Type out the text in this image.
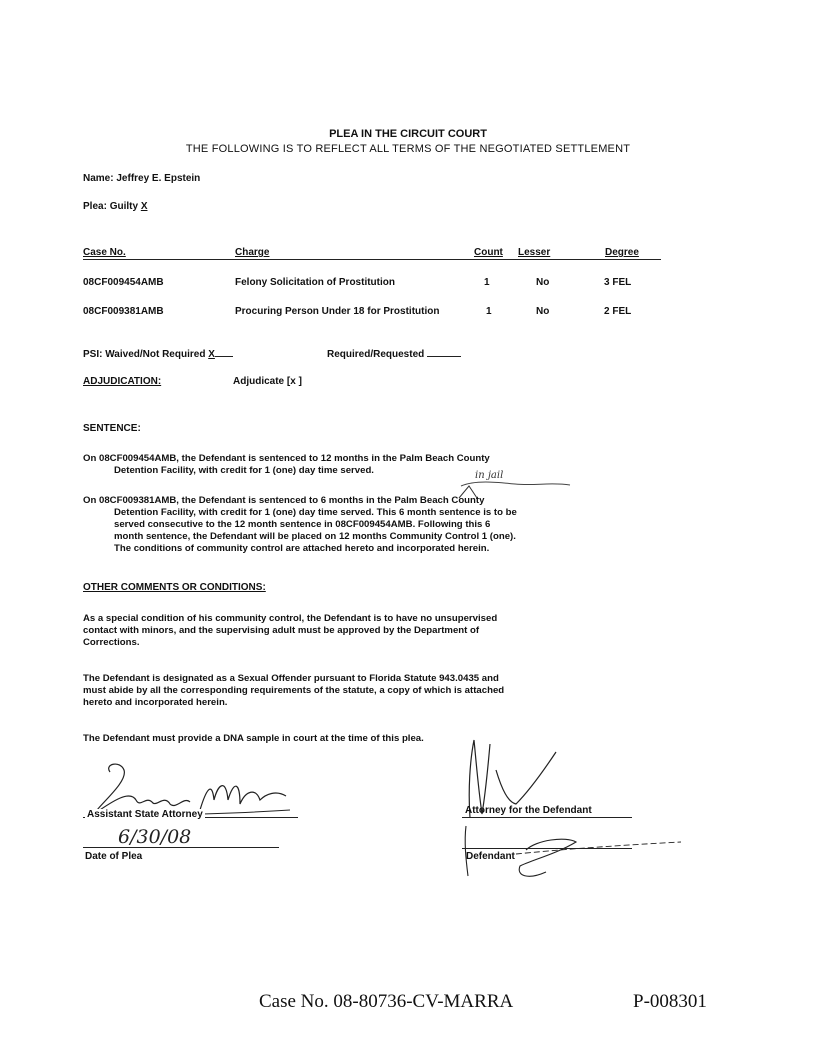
PLEA IN THE CIRCUIT COURT
THE FOLLOWING IS TO REFLECT ALL TERMS OF THE NEGOTIATED SETTLEMENT
Name: Jeffrey E. Epstein
Plea: Guilty X
Case No.	Charge	Count Lesser	Degree
08CF009454AMB	Felony Solicitation of Prostitution	1	No	3 FEL
08CF009381AMB	Procuring Person Under 18 for Prostitution	1	No	2 FEL
PSI: Waived/Not Required X	Required/Requested
ADJUDICATION:	Adjudicate [x ]
SENTENCE:
On 08CF009454AMB, the Defendant is sentenced to 12 months in the Palm Beach County
Detention Facility, with credit for 1 (one) day time served.	in jail
On 08CF009381AMB, the Defendant is sentenced to 6 months in the Palm Beach County
Detention Facility, with credit for 1 (one) day time served. This 6 month sentence is to be
served consecutive to the 12 month sentence in 08CF009454AMB. Following this 6
month sentence, the Defendant will be placed on 12 months Community Control 1 (one).
The conditions of community control are attached hereto and incorporated herein.
OTHER COMMENTS OR CONDITIONS:
As a special condition of his community control, the Defendant is to have no unsupervised
contact with minors, and the supervising adult must be approved by the Department of
Corrections.
The Defendant is designated as a Sexual Offender pursuant to Florida Statute 943.0435 and
must abide by all the corresponding requirements of the statute, a copy of which is attached
hereto and incorporated herein.
The Defendant must provide a DNA sample in court at the time of this plea.
Assistant State Attorney
6/30/08
Date of Plea
Attorney for the Defendant
Defendant
Case No. 08-80736-CV-MARRA	P-008301
